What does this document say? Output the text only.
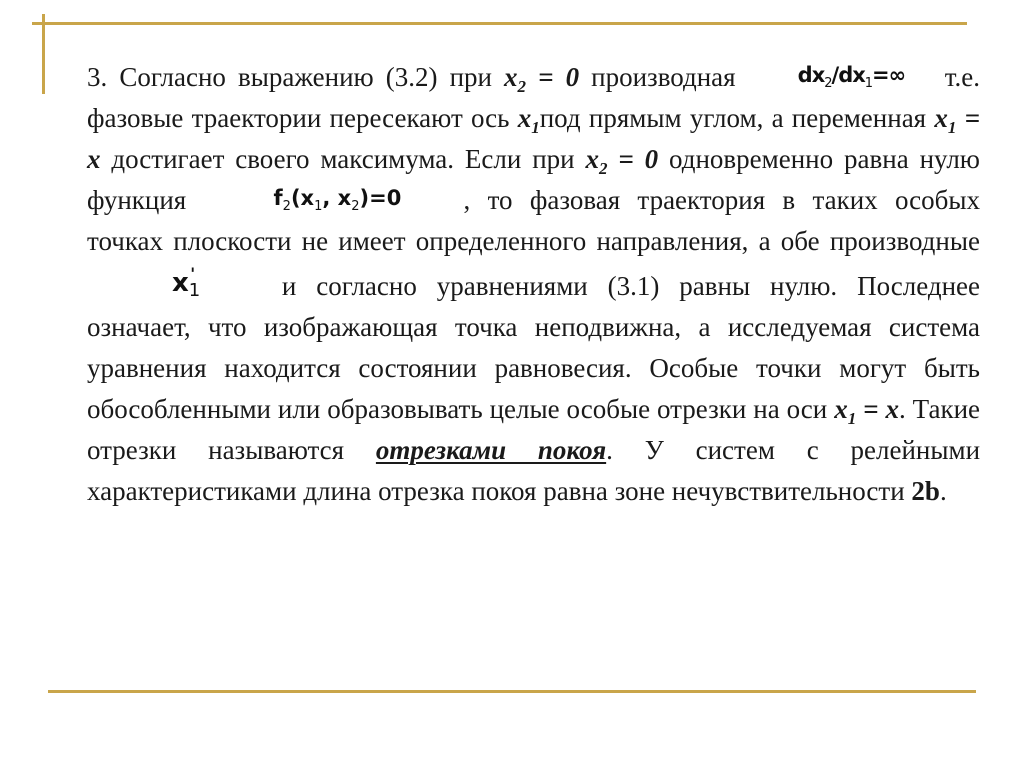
3. Согласно выражению (3.2) при $x_2 = 0$ производная $dx_2/dx_1=\infty$ т.е. фазовые траектории пересекают ось $x_1под$ прямым углом, а переменная $x_1 = x$ достигает своего максимума. Если при $x_2 = 0$ одновременно равна нулю функция	$f_2(x_1$, $x_2)=0$ , то фазовая траектория в таких особых точках плоскости не имеет определенного направления, а обе производные $x_1'$ и согласно уравнениями (3.1) равны нулю. Последнее означает, что изображающая точка неподвижна, а исследуемая система уравнения находится состоянии равновесия. Особые точки могут быть обособленными или образовывать целые особые отрезки на оси $x_1 = x$. Такие отрезки называются отрезками покоя. У систем с релейными характеристиками длина отрезка покоя равна зоне нечувствительности 2b.
